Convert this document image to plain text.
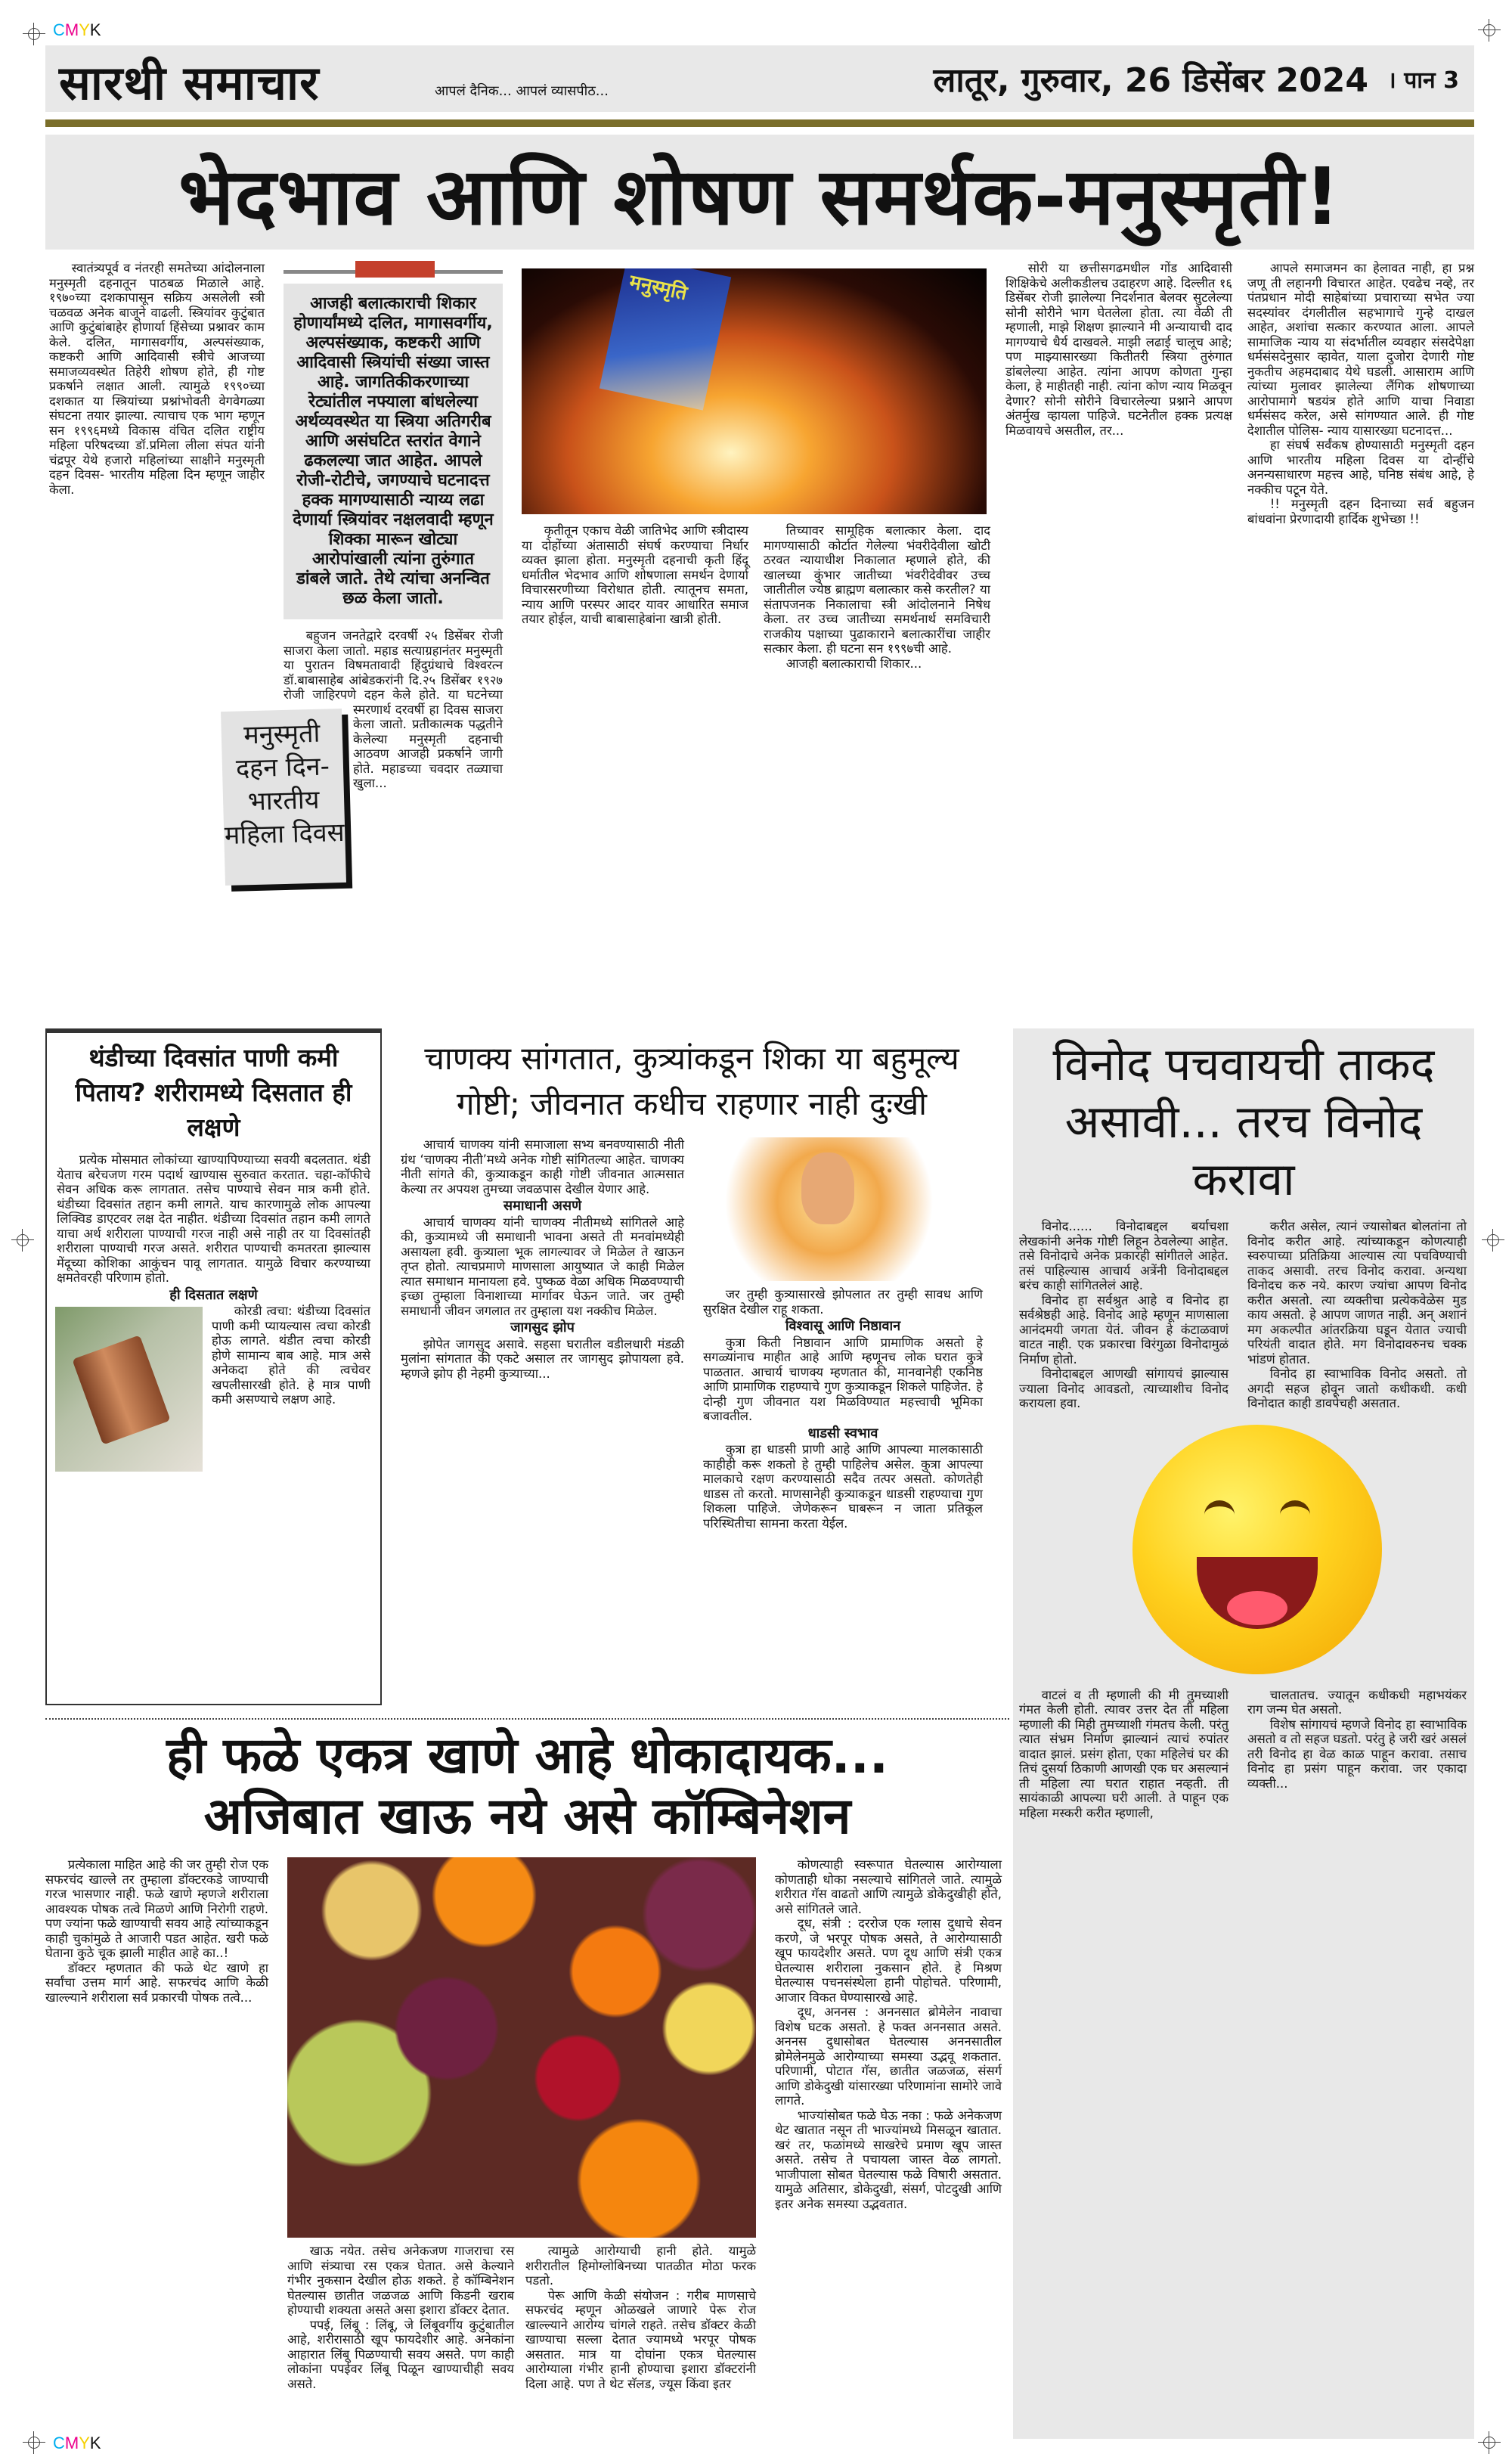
CMYK
CMYK
सारथी समाचार	आपलं दैनिक... आपलं व्यासपीठ...	लातूर, गुरुवार, 26 डिसेंबर 2024 । पान 3
भेदभाव आणि शोषण समर्थक-मनुस्मृती!

स्वातंत्र्यपूर्व व नंतरही समतेच्या आंदोलनाला मनुस्मृती दहनातून पाठबळ मिळाले आहे. १९७०च्या दशकापासून सक्रिय असलेली स्त्री चळवळ अनेक बाजूने वाढली. स्त्रियांवर कुटुंबात आणि कुटुंबांबाहेर होणार्या हिंसेच्या प्रश्नावर काम केले. दलित, मागासवर्गीय, अल्पसंख्याक, कष्टकरी आणि आदिवासी स्त्रीचे आजच्या समाजव्यवस्थेत तिहेरी शोषण होते, ही गोष्ट प्रकर्षाने लक्षात आली. त्यामुळे १९९०च्या दशकात या स्त्रियांच्या प्रश्नांभोवती वेगवेगळ्या संघटना तयार झाल्या. त्याचाच एक भाग म्हणून सन १९९६मध्ये विकास वंचित दलित राष्ट्रीय महिला परिषदच्या डॉ.प्रमिला लीला संपत यांनी चंद्रपूर येथे हजारो महिलांच्या साक्षीने मनुस्मृती दहन दिवस- भारतीय महिला दिन म्हणून जाहीर केला.

आजही बलात्काराची शिकार होणार्यांमध्ये दलित, मागासवर्गीय, अल्पसंख्याक, कष्टकरी आणि आदिवासी स्त्रियांची संख्या जास्त आहे. जागतिकीकरणाच्या रेट्यांतील नफ्याला बांधलेल्या अर्थव्यवस्थेत या स्त्रिया अतिगरीब आणि असंघटित स्तरांत वेगाने ढकलल्या जात आहेत. आपले रोजी-रोटीचे, जगण्याचे घटनादत्त हक्क मागण्यासाठी न्याय्य लढा देणार्या स्त्रियांवर नक्षलवादी म्हणून शिक्का मारून खोट्या आरोपांखाली त्यांना तुरुंगात डांबले जाते. तेथे त्यांचा अनन्वित छळ केला जातो.
मनुस्मृती दहन दिन- भारतीय महिला दिवस

बहुजन जनतेद्वारे दरवर्षी २५ डिसेंबर रोजी साजरा केला जातो. महाड सत्याग्रहानंतर मनुस्मृती या पुरातन विषमतावादी हिंदुग्रंथाचे विश्वरत्न डॉ.बाबासाहेब आंबेडकरांनी दि.२५ डिसेंबर १९२७ रोजी जाहिरपणे दहन केले होते. या घटनेच्या स्मरणार्थ दरवर्षी हा दिवस साजरा केला जातो. प्रतीकात्मक पद्धतीने केलेल्या मनुस्मृती दहनाची आठवण आजही प्रकर्षाने जागी होते. महाडच्या चवदार तळ्याचा खुला...

मनुस्मृति

कृतीतून एकाच वेळी जातिभेद आणि स्त्रीदास्य या दोहोंच्या अंतासाठी संघर्ष करण्याचा निर्धार व्यक्त झाला होता. मनुस्मृती दहनाची कृती हिंदू धर्मातील भेदभाव आणि शोषणाला समर्थन देणार्या विचारसरणीच्या विरोधात होती. त्यातूनच समता, न्याय आणि परस्पर आदर यावर आधारित समाज तयार होईल, याची बाबासाहेबांना खात्री होती.

तिच्यावर सामूहिक बलात्कार केला. दाद मागण्यासाठी कोर्टात गेलेल्या भंवरीदेवीला खोटी ठरवत न्यायाधीश निकालात म्हणाले होते, की खालच्या कुंभार जातीच्या भंवरीदेवीवर उच्च जातीतील ज्येष्ठ ब्राह्मण बलात्कार कसे करतील? या संतापजनक निकालाचा स्त्री आंदोलनाने निषेध केला. तर उच्च जातीच्या समर्थनार्थ समविचारी राजकीय पक्षाच्या पुढाकाराने बलात्कारींचा जाहीर सत्कार केला. ही घटना सन १९९७ची आहे.

आजही बलात्काराची शिकार...

सोरी या छत्तीसगढमधील गोंड आदिवासी शिक्षिकेचे अलीकडीलच उदाहरण आहे. दिल्लीत १६ डिसेंबर रोजी झालेल्या निदर्शनात बेलवर सुटलेल्या सोनी सोरीने भाग घेतलेला होता. त्या वेळी ती म्हणाली, माझे शिक्षण झाल्याने मी अन्यायाची दाद मागण्याचे धैर्य दाखवले. माझी लढाई चालूच आहे; पण माझ्यासारख्या कितीतरी स्त्रिया तुरुंगात डांबलेल्या आहेत. त्यांना आपण कोणता गुन्हा केला, हे माहीतही नाही. त्यांना कोण न्याय मिळवून देणार? सोनी सोरीने विचारलेल्या प्रश्नाने आपण अंतर्मुख व्हायला पाहिजे. घटनेतील हक्क प्रत्यक्ष मिळवायचे असतील, तर...

आपले समाजमन का हेलावत नाही, हा प्रश्न जणू ती लहानगी विचारत आहेत. एवढेच नव्हे, तर पंतप्रधान मोदी साहेबांच्या प्रचाराच्या सभेत ज्या सदस्यांवर दंगलीतील सहभागाचे गुन्हे दाखल आहेत, अशांचा सत्कार करण्यात आला. आपले सामाजिक न्याय या संदर्भातील व्यवहार संसदेपेक्षा धर्मसंसदेनुसार व्हावेत, याला दुजोरा देणारी गोष्ट नुकतीच अहमदाबाद येथे घडली. आसाराम आणि त्यांच्या मुलावर झालेल्या लैंगिक शोषणाच्या आरोपामागे षडयंत्र होते आणि याचा निवाडा धर्मसंसद करेल, असे सांगण्यात आले. ही गोष्ट देशातील पोलिस- न्याय यासारख्या घटनादत्त...

हा संघर्ष सर्वंकष होण्यासाठी मनुस्मृती दहन आणि भारतीय महिला दिवस या दोन्हींचे अनन्यसाधारण महत्त्व आहे, घनिष्ठ संबंध आहे, हे नक्कीच पटून येते.

!! मनुस्मृती दहन दिनाच्या सर्व बहुजन बांधवांना प्रेरणादायी हार्दिक शुभेच्छा !!

थंडीच्या दिवसांत पाणी कमी पिताय? शरीरामध्ये दिसतात ही लक्षणे

प्रत्येक मोसमात लोकांच्या खाण्यापिण्याच्या सवयी बदलतात. थंडी येताच बरेचजण गरम पदार्थ खाण्यास सुरुवात करतात. चहा-कॉफीचे सेवन अधिक करू लागतात. तसेच पाण्याचे सेवन मात्र कमी होते. थंडीच्या दिवसांत तहान कमी लागते. याच कारणामुळे लोक आपल्या लिक्विड डाएटवर लक्ष देत नाहीत. थंडीच्या दिवसांत तहान कमी लागते याचा अर्थ शरीराला पाण्याची गरज नाही असे नाही तर या दिवसांतही शरीराला पाण्याची गरज असते. शरीरात पाण्याची कमतरता झाल्यास मेंदूच्या कोशिका आकुंचन पावू लागतात. यामुळे विचार करण्याच्या क्षमतेवरही परिणाम होतो.

ही दिसतात लक्षणे

कोरडी त्वचा: थंडीच्या दिवसांत पाणी कमी प्यायल्यास त्वचा कोरडी होऊ लागते. थंडीत त्वचा कोरडी होणे सामान्य बाब आहे. मात्र असे अनेकदा होते की त्वचेवर खपलीसारखी होते. हे मात्र पाणी कमी असण्याचे लक्षण आहे.

चाणक्य सांगतात, कुत्र्यांकडून शिका या बहुमूल्य गोष्टी; जीवनात कधीच राहणार नाही दुःखी

आचार्य चाणक्य यांनी समाजाला सभ्य बनवण्यासाठी नीती ग्रंथ ‘चाणक्य नीती’मध्ये अनेक गोष्टी सांगितल्या आहेत. चाणक्य नीती सांगते की, कुत्र्याकडून काही गोष्टी जीवनात आत्मसात केल्या तर अपयश तुमच्या जवळपास देखील येणार आहे.

समाधानी असणे

आचार्य चाणक्य यांनी चाणक्य नीतीमध्ये सांगितले आहे की, कुत्र्यामध्ये जी समाधानी भावना असते ती मनवांमध्येही असायला हवी. कुत्र्याला भूक लागल्यावर जे मिळेल ते खाऊन तृप्त होतो. त्याचप्रमाणे माणसाला आयुष्यात जे काही मिळेल त्यात समाधान मानायला हवे. पुष्कळ वेळा अधिक मिळवण्याची इच्छा तुम्हाला विनाशाच्या मार्गावर घेऊन जाते. जर तुम्ही समाधानी जीवन जगलात तर तुम्हाला यश नक्कीच मिळेल.

जागसुद झोप

झोपेत जागसुद असावे. सहसा घरातील वडीलधारी मंडळी मुलांना सांगतात की एकटे असाल तर जागसुद झोपायला हवे. म्हणजे झोप ही नेहमी कुत्र्याच्या...

जर तुम्ही कुत्र्यासारखे झोपलात तर तुम्ही सावध आणि सुरक्षित देखील राहू शकता.

विश्वासू आणि निष्ठावान

कुत्रा किती निष्ठावान आणि प्रामाणिक असतो हे सगळ्यांनाच माहीत आहे आणि म्हणूनच लोक घरात कुत्रे पाळतात. आचार्य चाणक्य म्हणतात की, मानवानेही एकनिष्ठ आणि प्रामाणिक राहण्याचे गुण कुत्र्याकडून शिकले पाहिजेत. हे दोन्ही गुण जीवनात यश मिळविण्यात महत्त्वाची भूमिका बजावतील.

धाडसी स्वभाव

कुत्रा हा धाडसी प्राणी आहे आणि आपल्या मालकासाठी काहीही करू शकतो हे तुम्ही पाहिलेच असेल. कुत्रा आपल्या मालकाचे रक्षण करण्यासाठी सदैव तत्पर असतो. कोणतेही धाडस तो करतो. माणसानेही कुत्र्याकडून धाडसी राहण्याचा गुण शिकला पाहिजे. जेणेकरून घाबरून न जाता प्रतिकूल परिस्थितीचा सामना करता येईल.

विनोद पचवायची ताकद असावी... तरच विनोद करावा

विनोद...... विनोदाबद्दल बर्याचशा लेखकांनी अनेक गोष्टी लिहून ठेवलेल्या आहेत. तसे विनोदाचे अनेक प्रकारही सांगीतले आहेत. तसं पाहिल्यास आचार्य अत्रेंनी विनोदाबद्दल बरंच काही सांगितलेलं आहे.

विनोद हा सर्वश्रुत आहे व विनोद हा सर्वश्रेष्ठही आहे. विनोद आहे म्हणून माणसाला आनंदमयी जगता येतं. जीवन हे कंटाळवाणं वाटत नाही. एक प्रकारचा विरंगुळा विनोदामुळं निर्माण होतो.

विनोदाबद्दल आणखी सांगायचं झाल्यास ज्याला विनोद आवडतो, त्याच्याशीच विनोद करायला हवा.

करीत असेल, त्यानं ज्यासोबत बोलतांना तो विनोद करीत आहे. त्यांच्याकडून कोणत्याही स्वरुपाच्या प्रतिक्रिया आल्यास त्या पचविण्याची ताकद असावी. तरच विनोद करावा. अन्यथा विनोदच करु नये. कारण ज्यांचा आपण विनोद करीत असतो. त्या व्यक्तीचा प्रत्येकवेळेस मुड काय असतो. हे आपण जाणत नाही. अन् अशानं मग अकल्पीत आंतरक्रिया घडून येतात ज्याची परियंती वादात होते. मग विनोदावरुनच चक्क भांडणं होतात.

विनोद हा स्वाभाविक विनोद असतो. तो अगदी सहज होवून जातो कधीकधी. कधी विनोदात काही डावपेचही असतात.

वाटलं व ती म्हणाली की मी तुमच्याशी गंमत केली होती. त्यावर उत्तर देत ती महिला म्हणाली की मिही तुमच्याशी गंमतच केली. परंतु त्यात संभ्रम निर्माण झाल्यानं त्याचं रुपांतर वादात झालं. प्रसंग होता, एका महिलेचं घर की तिचं दुसर्या ठिकाणी आणखी एक घर असल्यानं ती महिला त्या घरात राहात नव्हती. ती सायंकाळी आपल्या घरी आली. ते पाहून एक महिला मस्करी करीत म्हणाली,

चालतातच. ज्यातून कधीकधी महाभयंकर राग जन्म घेत असतो.

विशेष सांगायचं म्हणजे विनोद हा स्वाभाविक असतो व तो सहज घडतो. परंतु हे जरी खरं असलं तरी विनोद हा वेळ काळ पाहून करावा. तसाच विनोद हा प्रसंग पाहून करावा. जर एकादा व्यक्ती...

ही फळे एकत्र खाणे आहे धोकादायक...
अजिबात खाऊ नये असे कॉम्बिनेशन

प्रत्येकाला माहित आहे की जर तुम्ही रोज एक सफरचंद खाल्ले तर तुम्हाला डॉक्टरकडे जाण्याची गरज भासणार नाही. फळे खाणे म्हणजे शरीराला आवश्यक पोषक तत्वे मिळणे आणि निरोगी राहणे. पण ज्यांना फळे खाण्याची सवय आहे त्यांच्याकडून काही चुकांमुळे ते आजारी पडत आहेत. खरी फळे घेताना कुठे चूक झाली माहीत आहे का..!

डॉक्टर म्हणतात की फळे थेट खाणे हा सर्वांचा उत्तम मार्ग आहे. सफरचंद आणि केळी खाल्ल्याने शरीराला सर्व प्रकारची पोषक तत्वे...

खाऊ नयेत. तसेच अनेकजण गाजराचा रस आणि संत्र्याचा रस एकत्र घेतात. असे केल्याने गंभीर नुकसान देखील होऊ शकते. हे कॉम्बिनेशन घेतल्यास छातीत जळजळ आणि किडनी खराब होण्याची शक्यता असते असा इशारा डॉक्टर देतात.

पपई, लिंबू : लिंबू, जे लिंबूवर्गीय कुटुंबातील आहे, शरीरासाठी खूप फायदेशीर आहे. अनेकांना आहारात लिंबू पिळण्याची सवय असते. पण काही लोकांना पपईवर लिंबू पिळून खाण्याचीही सवय असते.

त्यामुळे आरोग्याची हानी होते. यामुळे शरीरातील हिमोग्लोबिनच्या पातळीत मोठा फरक पडतो.

पेरू आणि केळी संयोजन : गरीब माणसाचे सफरचंद म्हणून ओळखले जाणारे पेरू रोज खाल्ल्याने आरोग्य चांगले राहते. तसेच डॉक्टर केळी खाण्याचा सल्ला देतात ज्यामध्ये भरपूर पोषक असतात. मात्र या दोघांना एकत्र घेतल्यास आरोग्याला गंभीर हानी होण्याचा इशारा डॉक्टरांनी दिला आहे. पण ते थेट सॅलड, ज्यूस किंवा इतर

कोणत्याही स्वरूपात घेतल्यास आरोग्याला कोणताही धोका नसल्याचे सांगितले जाते. त्यामुळे शरीरात गॅस वाढतो आणि त्यामुळे डोकेदुखीही होते, असे सांगितले जाते.

दूध, संत्री : दररोज एक ग्लास दुधाचे सेवन करणे, जे भरपूर पोषक असते, ते आरोग्यासाठी खूप फायदेशीर असते. पण दूध आणि संत्री एकत्र घेतल्यास शरीराला नुकसान होते. हे मिश्रण घेतल्यास पचनसंस्थेला हानी पोहोचते. परिणामी, आजार विकत घेण्यासारखे आहे.

दूध, अननस : अननसात ब्रोमेलेन नावाचा विशेष घटक असतो. हे फक्त अननसात असते. अननस दुधासोबत घेतल्यास अननसातील ब्रोमेलेनमुळे आरोग्याच्या समस्या उद्भवू शकतात. परिणामी, पोटात गॅस, छातीत जळजळ, संसर्ग आणि डोकेदुखी यांसारख्या परिणामांना सामोरे जावे लागते.

भाज्यांसोबत फळे घेऊ नका : फळे अनेकजण थेट खातात नसून ती भाज्यांमध्ये मिसळून खातात. खरं तर, फळांमध्ये साखरेचे प्रमाण खूप जास्त असते. तसेच ते पचायला जास्त वेळ लागतो. भाजीपाला सोबत घेतल्यास फळे विषारी असतात. यामुळे अतिसार, डोकेदुखी, संसर्ग, पोटदुखी आणि इतर अनेक समस्या उद्भवतात.
